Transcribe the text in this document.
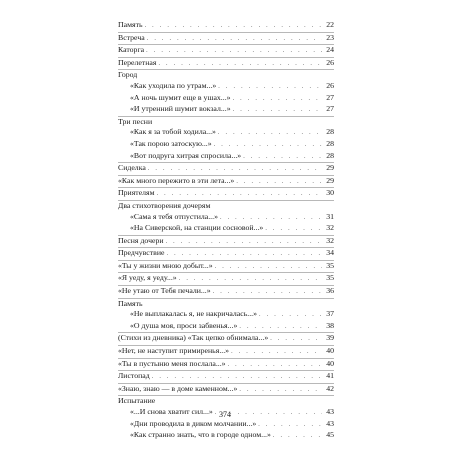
Память . . .	22
Встреча . . .	23
Каторга . . .	24
Перелетная . . .	26
Город
«Как уходила по утрам...» . . .	26
«А ночь шумит еще в ушах...» . . .	27
«И утренний шумит вокзал...» . . .	27
Три песни
«Как я за тобой ходила...» . . .	28
«Так порою затоскую...» . . .	28
«Вот подруга хитрая спросила...» . . .	28
Сиделка . . .	29
«Как много пережито в эти лета...» . . .	29
Приятелям . . .	30
Два стихотворения дочерям
«Сама я тебя отпустила...» . . .	31
«На Сиверской, на станции сосновой...» . . .	32
Песня дочери . . .	32
Предчувствие . . .	34
«Ты у жизни мною добыт...» . . .	35
«Я уеду, я уеду...» . . .	35
«Не утаю от Тебя печали...» . . .	36
Память
«Не выплакалась я, не накричалась...» . . .	37
«О душа моя, проси забвенья...» . . .	38
(Стихи из дневника) «Так цепко обнимала...» . . .	39
«Нет, не наступит примиренья...» . . .	40
«Ты в пустыню меня послала...» . . .	40
Листопад . . .	41
«Знаю, знаю — в доме каменном...» . . .	42
Испытание
«...И снова хватит сил...» . . .	43
«Дни проводила в диком молчании...» . . .	43
«Как странно знать, что в городе одном...» . . .	45
374
